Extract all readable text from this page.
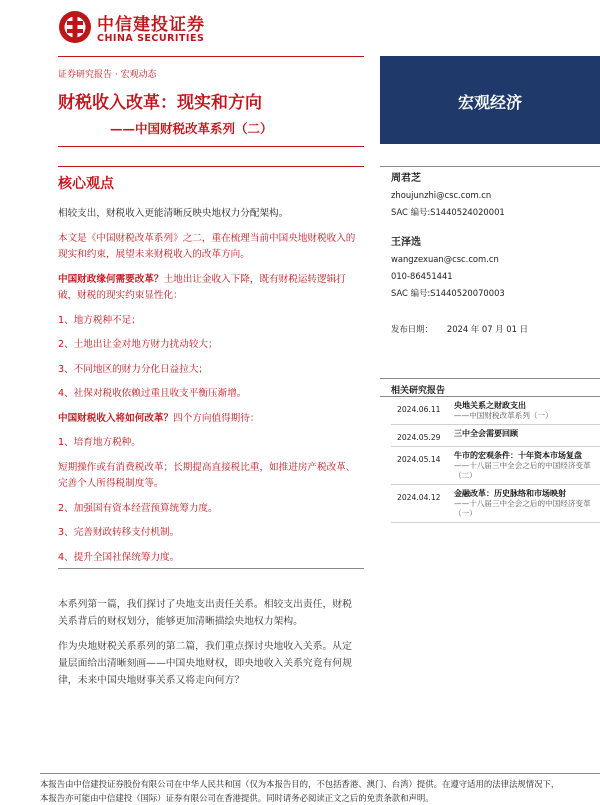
中信建投证券
CHINA SECURITIES
证券研究报告 · 宏观动态
财税收入改革：现实和方向
——中国财税改革系列（二）
宏观经济
核心观点

相较支出，财税收入更能清晰反映央地权力分配架构。

本文是《中国财税改革系列》之二，重在梳理当前中国央地财税收入的现实和约束，展望未来财税收入的改革方向。

中国财政缘何需要改革？土地出让金收入下降，既有财税运转逻辑打破，财税的现实约束显性化：

1、地方税种不足；

2、土地出让金对地方财力扰动较大；

3、不同地区的财力分化日益拉大；

4、社保对税收依赖过重且收支平衡压渐增。

中国财税收入将如何改革？四个方向值得期待：

1、培育地方税种。

短期操作或有消费税改革；长期提高直接税比重，如推进房产税改革、完善个人所得税制度等。

2、加强国有资本经营预算统筹力度。

3、完善财政转移支付机制。

4、提升全国社保统筹力度。

本系列第一篇，我们探讨了央地支出责任关系。相较支出责任，财税关系背后的财权划分，能够更加清晰描绘央地权力架构。

作为央地财税关系系列的第二篇，我们重点探讨央地收入关系。从定量层面给出清晰刻画——中国央地财权，即央地收入关系究竟有何规律，未来中国央地财事关系又将走向何方？

周君芝
zhoujunzhi@csc.com.cn
SAC 编号:S1440524020001
王泽选
wangzexuan@csc.com.cn
010-86451441
SAC 编号:S1440520070003
发布日期： 2024 年 07 月 01 日
相关研究报告
2024.06.11	央地关系之财政支出
——中国财税改革系列（一）
2024.05.29	三中全会需要回顾
2024.05.14	牛市的宏观条件：十年资本市场复盘
——十八届三中全会之后的中国经济变革（二）
2024.04.12	金融改革：历史脉络和市场映射
——十八届三中全会之后的中国经济变革（一）
本报告由中信建投证券股份有限公司在中华人民共和国（仅为本报告目的，不包括香港、澳门、台湾）提供。在遵守适用的法律法规情况下，
本报告亦可能由中信建投（国际）证券有限公司在香港提供。同时请务必阅读正文之后的免责条款和声明。
